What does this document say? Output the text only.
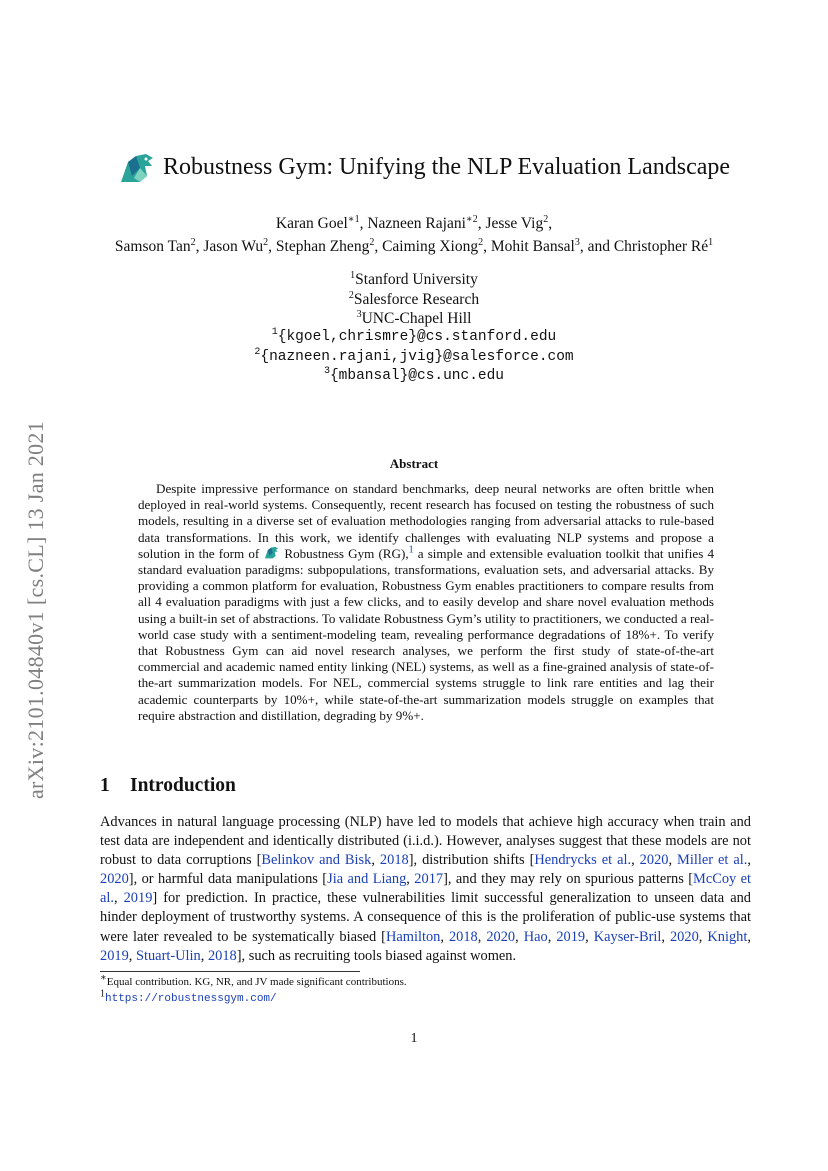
arXiv:2101.04840v1 [cs.CL] 13 Jan 2021
Robustness Gym: Unifying the NLP Evaluation Landscape
Karan Goel$^{∗1}$, Nazneen Rajani$^{∗2}$, Jesse Vig$^2$,
Samson Tan$^2$, Jason Wu$^2$, Stephan Zheng$^2$, Caiming Xiong$^2$, Mohit Bansal$^3$, and Christopher $Ré^1$
$^1$Stanford University
$^2$Salesforce Research
$^3$UNC-Chapel Hill
$^1${kgoel,chrismre}@cs.stanford.edu
$^2${nazneen.rajani,jvig}@salesforce.com
$^3${mbansal}@cs.unc.edu
Abstract
Despite impressive performance on standard benchmarks, deep neural networks are often brittle when deployed in real-world systems. Consequently, recent research has focused on testing the robustness of such models, resulting in a diverse set of evaluation methodologies ranging from adversarial attacks to rule-based data transformations. In this work, we identify challenges with evaluating NLP systems and propose a solution in the form of Robustness Gym (RG),$^1$ a simple and extensible evaluation toolkit that unifies 4 standard evaluation paradigms: subpopulations, transformations, evaluation sets, and adversarial attacks. By providing a common platform for evaluation, Robustness Gym enables practitioners to compare results from all 4 evaluation paradigms with just a few clicks, and to easily develop and share novel evaluation methods using a built-in set of abstractions. To validate Robustness Gym’s utility to practitioners, we conducted a real-world case study with a sentiment-modeling team, revealing performance degradations of 18%+. To verify that Robustness Gym can aid novel research analyses, we perform the first study of state-of-the-art commercial and academic named entity linking (NEL) systems, as well as a fine-grained analysis of state-of-the-art summarization models. For NEL, commercial systems struggle to link rare entities and lag their academic counterparts by 10%+, while state-of-the-art summarization models struggle on examples that require abstraction and distillation, degrading by 9%+.
1 Introduction
Advances in natural language processing (NLP) have led to models that achieve high accuracy when train and test data are independent and identically distributed (i.i.d.). However, analyses suggest that these models are not robust to data corruptions [Belinkov and Bisk, 2018], distribution shifts [Hendrycks et al., 2020, Miller et al., 2020], or harmful data manipulations [Jia and Liang, 2017], and they may rely on spurious patterns [McCoy et al., 2019] for prediction. In practice, these vulnerabilities limit successful generalization to unseen data and hinder deployment of trustworthy systems. A consequence of this is the proliferation of public-use systems that were later revealed to be systematically biased [Hamilton, 2018, 2020, Hao, 2019, Kayser-Bril, 2020, Knight, 2019, Stuart-Ulin, 2018], such as recruiting tools biased against women.
∗Equal contribution. KG, NR, and JV made significant contributions.
$^1$https://robustnessgym.com/
1
